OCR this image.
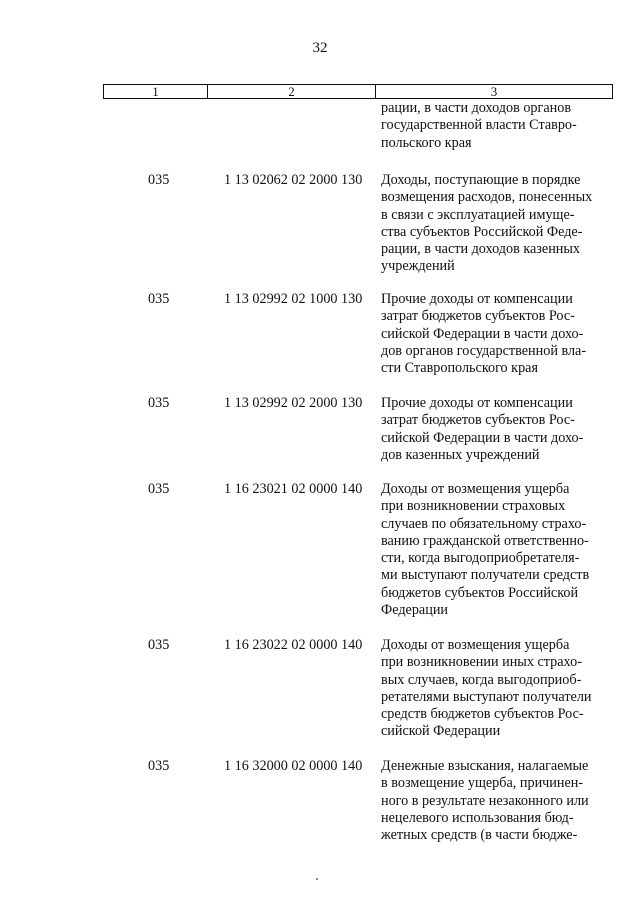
32
1	2	3
рации, в части доходов органов
государственной власти Ставро-
польского края
035	1 13 02062 02 2000 130 Доходы, поступающие в порядке
возмещения расходов, понесенных
в связи с эксплуатацией имуще-
ства субъектов Российской Феде-
рации, в части доходов казенных
учреждений
035	1 13 02992 02 1000 130 Прочие доходы от компенсации
затрат бюджетов субъектов Рос-
сийской Федерации в части дохо-
дов органов государственной вла-
сти Ставропольского края
035	1 13 02992 02 2000 130 Прочие доходы от компенсации
затрат бюджетов субъектов Рос-
сийской Федерации в части дохо-
дов казенных учреждений
035	1 16 23021 02 0000 140 Доходы от возмещения ущерба
при возникновении страховых
случаев по обязательному страхо-
ванию гражданской ответственно-
сти, когда выгодоприобретателя-
ми выступают получатели средств
бюджетов субъектов Российской
Федерации
035	1 16 23022 02 0000 140 Доходы от возмещения ущерба
при возникновении иных страхо-
вых случаев, когда выгодоприоб-
ретателями выступают получатели
средств бюджетов субъектов Рос-
сийской Федерации
035	1 16 32000 02 0000 140 Денежные взыскания, налагаемые
в возмещение ущерба, причинен-
ного в результате незаконного или
нецелевого использования бюд-
жетных средств (в части бюдже-
